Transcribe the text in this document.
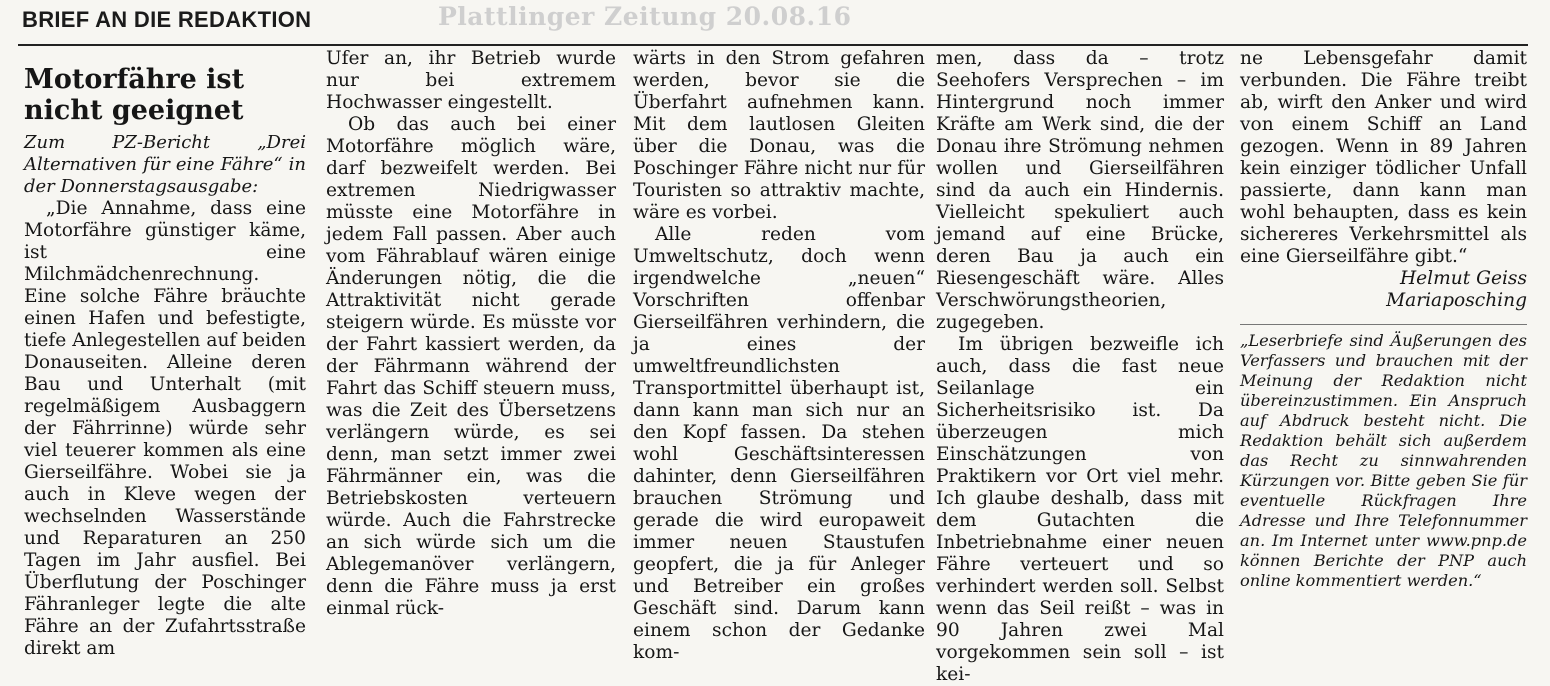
BRIEF AN DIE REDAKTION	Plattlinger Zeitung 20.08.16
Motorfähre ist
nicht geeignet

Zum PZ-Bericht „Drei Alternativen für eine Fähre“ in der Donnerstagsausgabe:

„Die Annahme, dass eine Motorfähre günstiger käme, ist eine Milchmädchenrechnung. Eine solche Fähre bräuchte einen Hafen und befestigte, tiefe Anlegestellen auf beiden Donauseiten. Alleine deren Bau und Unterhalt (mit regelmäßigem Ausbaggern der Fährrinne) würde sehr viel teuerer kommen als eine Gierseilfähre. Wobei sie ja auch in Kleve wegen der wechselnden Wasserstände und Reparaturen an 250 Tagen im Jahr ausfiel. Bei Überflutung der Poschinger Fähranleger legte die alte Fähre an der Zufahrtsstraße direkt am

Ufer an, ihr Betrieb wurde nur bei extremem Hochwasser eingestellt.

Ob das auch bei einer Motorfähre möglich wäre, darf bezweifelt werden. Bei extremen Niedrigwasser müsste eine Motorfähre in jedem Fall passen. Aber auch vom Fährablauf wären einige Änderungen nötig, die die Attraktivität nicht gerade steigern würde. Es müsste vor der Fahrt kassiert werden, da der Fährmann während der Fahrt das Schiff steuern muss, was die Zeit des Übersetzens verlängern würde, es sei denn, man setzt immer zwei Fährmänner ein, was die Betriebskosten verteuern würde. Auch die Fahrstrecke an sich würde sich um die Ablegemanöver verlängern, denn die Fähre muss ja erst einmal rück-

wärts in den Strom gefahren werden, bevor sie die Überfahrt aufnehmen kann. Mit dem lautlosen Gleiten über die Donau, was die Poschinger Fähre nicht nur für Touristen so attraktiv machte, wäre es vorbei.

Alle reden vom Umweltschutz, doch wenn irgendwelche „neuen“ Vorschriften offenbar Gierseilfähren verhindern, die ja eines der umweltfreundlichsten Transportmittel überhaupt ist, dann kann man sich nur an den Kopf fassen. Da stehen wohl Geschäftsinteressen dahinter, denn Gierseilfähren brauchen Strömung und gerade die wird europaweit immer neuen Staustufen geopfert, die ja für Anleger und Betreiber ein großes Geschäft sind. Darum kann einem schon der Gedanke kom-

men, dass da – trotz Seehofers Versprechen – im Hintergrund noch immer Kräfte am Werk sind, die der Donau ihre Strömung nehmen wollen und Gierseilfähren sind da auch ein Hindernis. Vielleicht spekuliert auch jemand auf eine Brücke, deren Bau ja auch ein Riesengeschäft wäre. Alles Verschwörungstheorien, zugegeben.

Im übrigen bezweifle ich auch, dass die fast neue Seilanlage ein Sicherheitsrisiko ist. Da überzeugen mich Einschätzungen von Praktikern vor Ort viel mehr. Ich glaube deshalb, dass mit dem Gutachten die Inbetriebnahme einer neuen Fähre verteuert und so verhindert werden soll. Selbst wenn das Seil reißt – was in 90 Jahren zwei Mal vorgekommen sein soll – ist kei-

ne Lebensgefahr damit verbunden. Die Fähre treibt ab, wirft den Anker und wird von einem Schiff an Land gezogen. Wenn in 89 Jahren kein einziger tödlicher Unfall passierte, dann kann man wohl behaupten, dass es kein sichereres Verkehrsmittel als eine Gierseilfähre gibt.“

Helmut Geiss
Mariaposching

„Leserbriefe sind Äußerungen des Verfassers und brauchen mit der Meinung der Redaktion nicht übereinzustimmen. Ein Anspruch auf Abdruck besteht nicht. Die Redaktion behält sich außerdem das Recht zu sinnwahrenden Kürzungen vor. Bitte geben Sie für eventuelle Rückfragen Ihre Adresse und Ihre Telefonnummer an. Im Internet unter www.pnp.de können Berichte der PNP auch online kommentiert werden.“
